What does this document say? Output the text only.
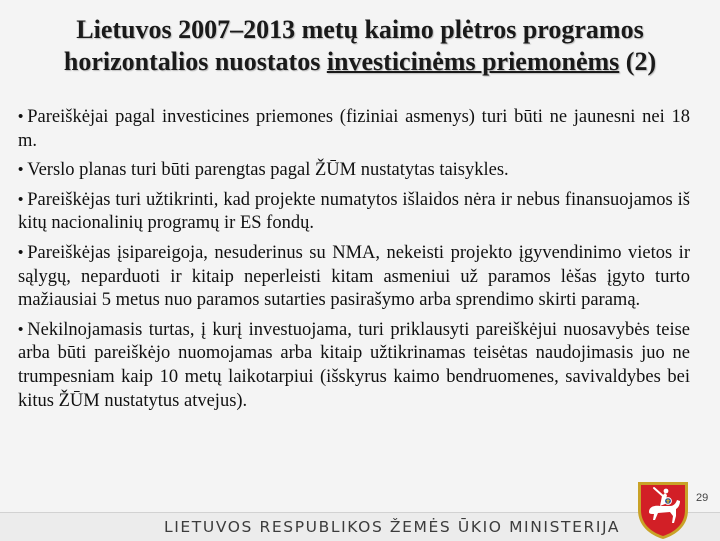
Lietuvos 2007–2013 metų kaimo plėtros programos
horizontalios nuostatos investicinėms priemonėms (2)
• Pareiškėjai pagal investicines priemones (fiziniai asmenys) turi būti ne jaunesni nei 18 m.
• Verslo planas turi būti parengtas pagal ŽŪM nustatytas taisykles.
• Pareiškėjas turi užtikrinti, kad projekte numatytos išlaidos nėra ir nebus finansuojamos iš kitų nacionalinių programų ir ES fondų.
• Pareiškėjas įsipareigoja, nesuderinus su NMA, nekeisti projekto įgyvendinimo vietos ir sąlygų, neparduoti ir kitaip neperleisti kitam asmeniui už paramos lėšas įgyto turto mažiausiai 5 metus nuo paramos sutarties pasirašymo arba sprendimo skirti paramą.
• Nekilnojamasis turtas, į kurį investuojama, turi priklausyti pareiškėjui nuosavybės teise arba būti pareiškėjo nuomojamas arba kitaip užtikrinamas teisėtas naudojimasis juo ne trumpesniam kaip 10 metų laikotarpiui (išskyrus kaimo bendruomenes, savivaldybes bei kitus ŽŪM nustatytus atvejus).
29
LIETUVOS RESPUBLIKOS ŽEMĖS ŪKIO MINISTERIJA
